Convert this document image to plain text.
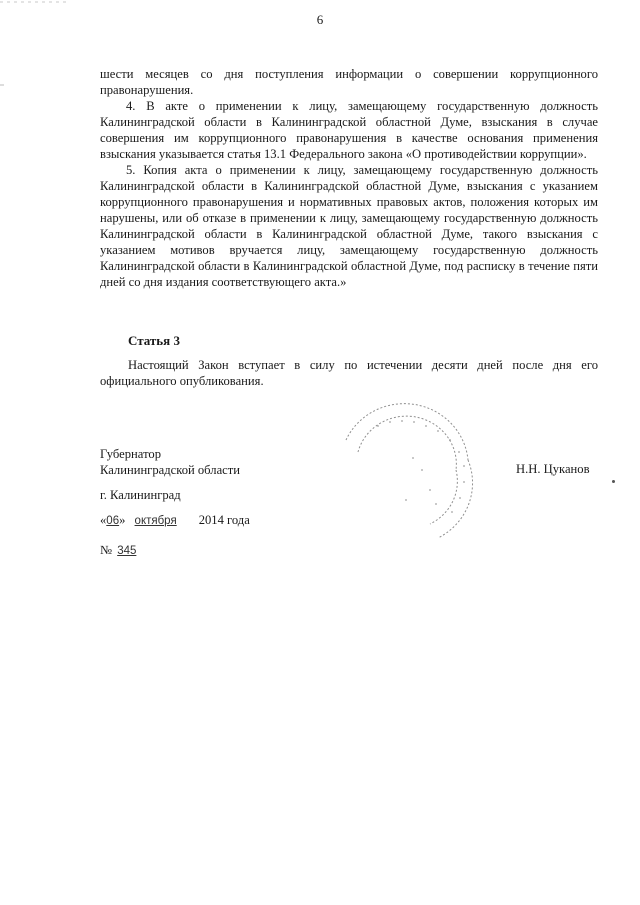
6

шести месяцев со дня поступления информации о совершении коррупционного правонарушения.

4. В акте о применении к лицу, замещающему государственную должность Калининградской области в Калининградской областной Думе, взыскания в случае совершения им коррупционного правонарушения в качестве основания применения взыскания указывается статья 13.1 Федерального закона «О противодействии коррупции».

5. Копия акта о применении к лицу, замещающему государственную должность Калининградской области в Калининградской областной Думе, взыскания с указанием коррупционного правонарушения и нормативных правовых актов, положения которых им нарушены, или об отказе в применении к лицу, замещающему государственную должность Калининградской области в Калининградской областной Думе, такого взыскания с указанием мотивов вручается лицу, замещающему государственную должность Калининградской области в Калининградской областной Думе, под расписку в течение пяти дней со дня издания соответствующего акта.»

Статья 3

Настоящий Закон вступает в силу по истечении десяти дней после дня его официального опубликования.

Губернатор
Калининградской области	Н.Н. Цуканов
г. Калининград
«06» октября 2014 года
№ 345
